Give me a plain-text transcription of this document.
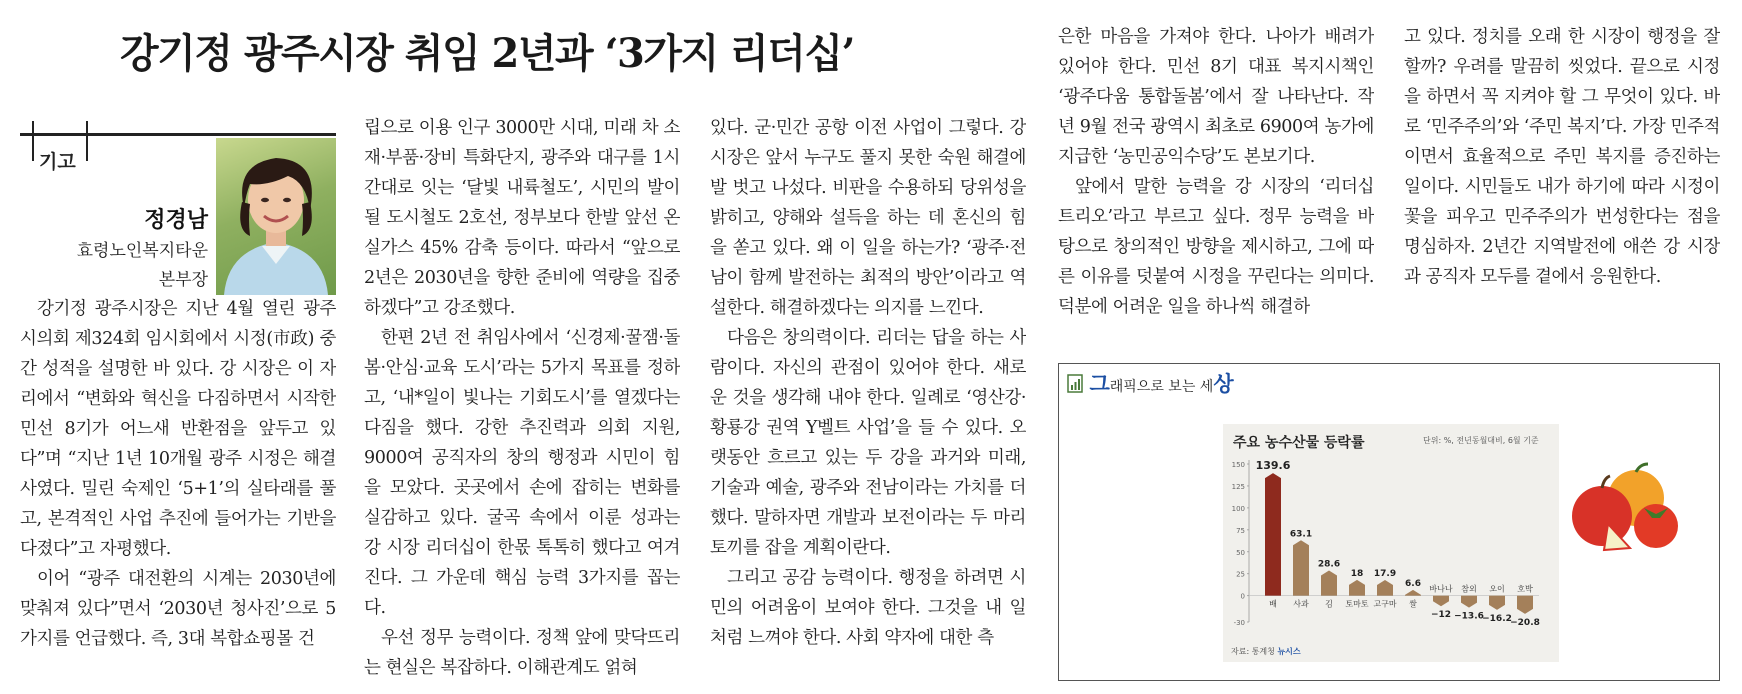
강기정 광주시장 취임 2년과 ‘3가지 리더십’
기고
정경남
효령노인복지타운
본부장

강기정 광주시장은 지난 4월 열린 광주시의회 제324회 임시회에서 시정(市政) 중간 성적을 설명한 바 있다. 강 시장은 이 자리에서 “변화와 혁신을 다짐하면서 시작한 민선 8기가 어느새 반환점을 앞두고 있다”며 “지난 1년 10개월 광주 시정은 해결사였다. 밀린 숙제인 ‘5+1’의 실타래를 풀고, 본격적인 사업 추진에 들어가는 기반을 다졌다”고 자평했다.

이어 “광주 대전환의 시계는 2030년에 맞춰져 있다”면서 ‘2030년 청사진’으로 5가지를 언급했다. 즉, 3대 복합쇼핑몰 건

립으로 이용 인구 3000만 시대, 미래 차 소재·부품·장비 특화단지, 광주와 대구를 1시간대로 잇는 ‘달빛 내륙철도’, 시민의 발이 될 도시철도 2호선, 정부보다 한발 앞선 온실가스 45% 감축 등이다. 따라서 “앞으로 2년은 2030년을 향한 준비에 역량을 집중하겠다”고 강조했다.

한편 2년 전 취임사에서 ‘신경제·꿀잼·돌봄·안심·교육 도시’라는 5가지 목표를 정하고, ‘내*일이 빛나는 기회도시’를 열겠다는 다짐을 했다. 강한 추진력과 의회 지원, 9000여 공직자의 창의 행정과 시민이 힘을 모았다. 곳곳에서 손에 잡히는 변화를 실감하고 있다. 굴곡 속에서 이룬 성과는 강 시장 리더십이 한몫 톡톡히 했다고 여겨진다. 그 가운데 핵심 능력 3가지를 꼽는다.

우선 정무 능력이다. 정책 앞에 맞닥뜨리는 현실은 복잡하다. 이해관계도 얽혀

있다. 군·민간 공항 이전 사업이 그렇다. 강 시장은 앞서 누구도 풀지 못한 숙원 해결에 발 벗고 나섰다. 비판을 수용하되 당위성을 밝히고, 양해와 설득을 하는 데 혼신의 힘을 쏟고 있다. 왜 이 일을 하는가? ‘광주·전남이 함께 발전하는 최적의 방안’이라고 역설한다. 해결하겠다는 의지를 느낀다.

다음은 창의력이다. 리더는 답을 하는 사람이다. 자신의 관점이 있어야 한다. 새로운 것을 생각해 내야 한다. 일례로 ‘영산강·황룡강 권역 Y벨트 사업’을 들 수 있다. 오랫동안 흐르고 있는 두 강을 과거와 미래, 기술과 예술, 광주와 전남이라는 가치를 더했다. 말하자면 개발과 보전이라는 두 마리 토끼를 잡을 계획이란다.

그리고 공감 능력이다. 행정을 하려면 시민의 어려움이 보여야 한다. 그것을 내 일처럼 느껴야 한다. 사회 약자에 대한 측

은한 마음을 가져야 한다. 나아가 배려가 있어야 한다. 민선 8기 대표 복지시책인 ‘광주다움 통합돌봄’에서 잘 나타난다. 작년 9월 전국 광역시 최초로 6900여 농가에 지급한 ‘농민공익수당’도 본보기다.

앞에서 말한 능력을 강 시장의 ‘리더십 트리오’라고 부르고 싶다. 정무 능력을 바탕으로 창의적인 방향을 제시하고, 그에 따른 이유를 덧붙여 시정을 꾸린다는 의미다. 덕분에 어려운 일을 하나씩 해결하

고 있다. 정치를 오래 한 시장이 행정을 잘할까? 우려를 말끔히 씻었다. 끝으로 시정을 하면서 꼭 지켜야 할 그 무엇이 있다. 바로 ‘민주주의’와 ‘주민 복지’다. 가장 민주적이면서 효율적으로 주민 복지를 증진하는 일이다. 시민들도 내가 하기에 따라 시정이 꽃을 피우고 민주주의가 번성한다는 점을 명심하자. 2년간 지역발전에 애쓴 강 시장과 공직자 모두를 곁에서 응원한다.

그래픽으로 보는 세상
주요 농수산물 등락률	단위: %, 전년동월대비, 6월 기준
150
125
100
75
50
25
0
-30
139.6
배
63.1
사과
28.6
김
18
토마토
17.9
고구마
6.6
쌀
바나나
−12
참외
−13.6
오이
−16.2
호박
−20.8
자료: 통계청 뉴시스
